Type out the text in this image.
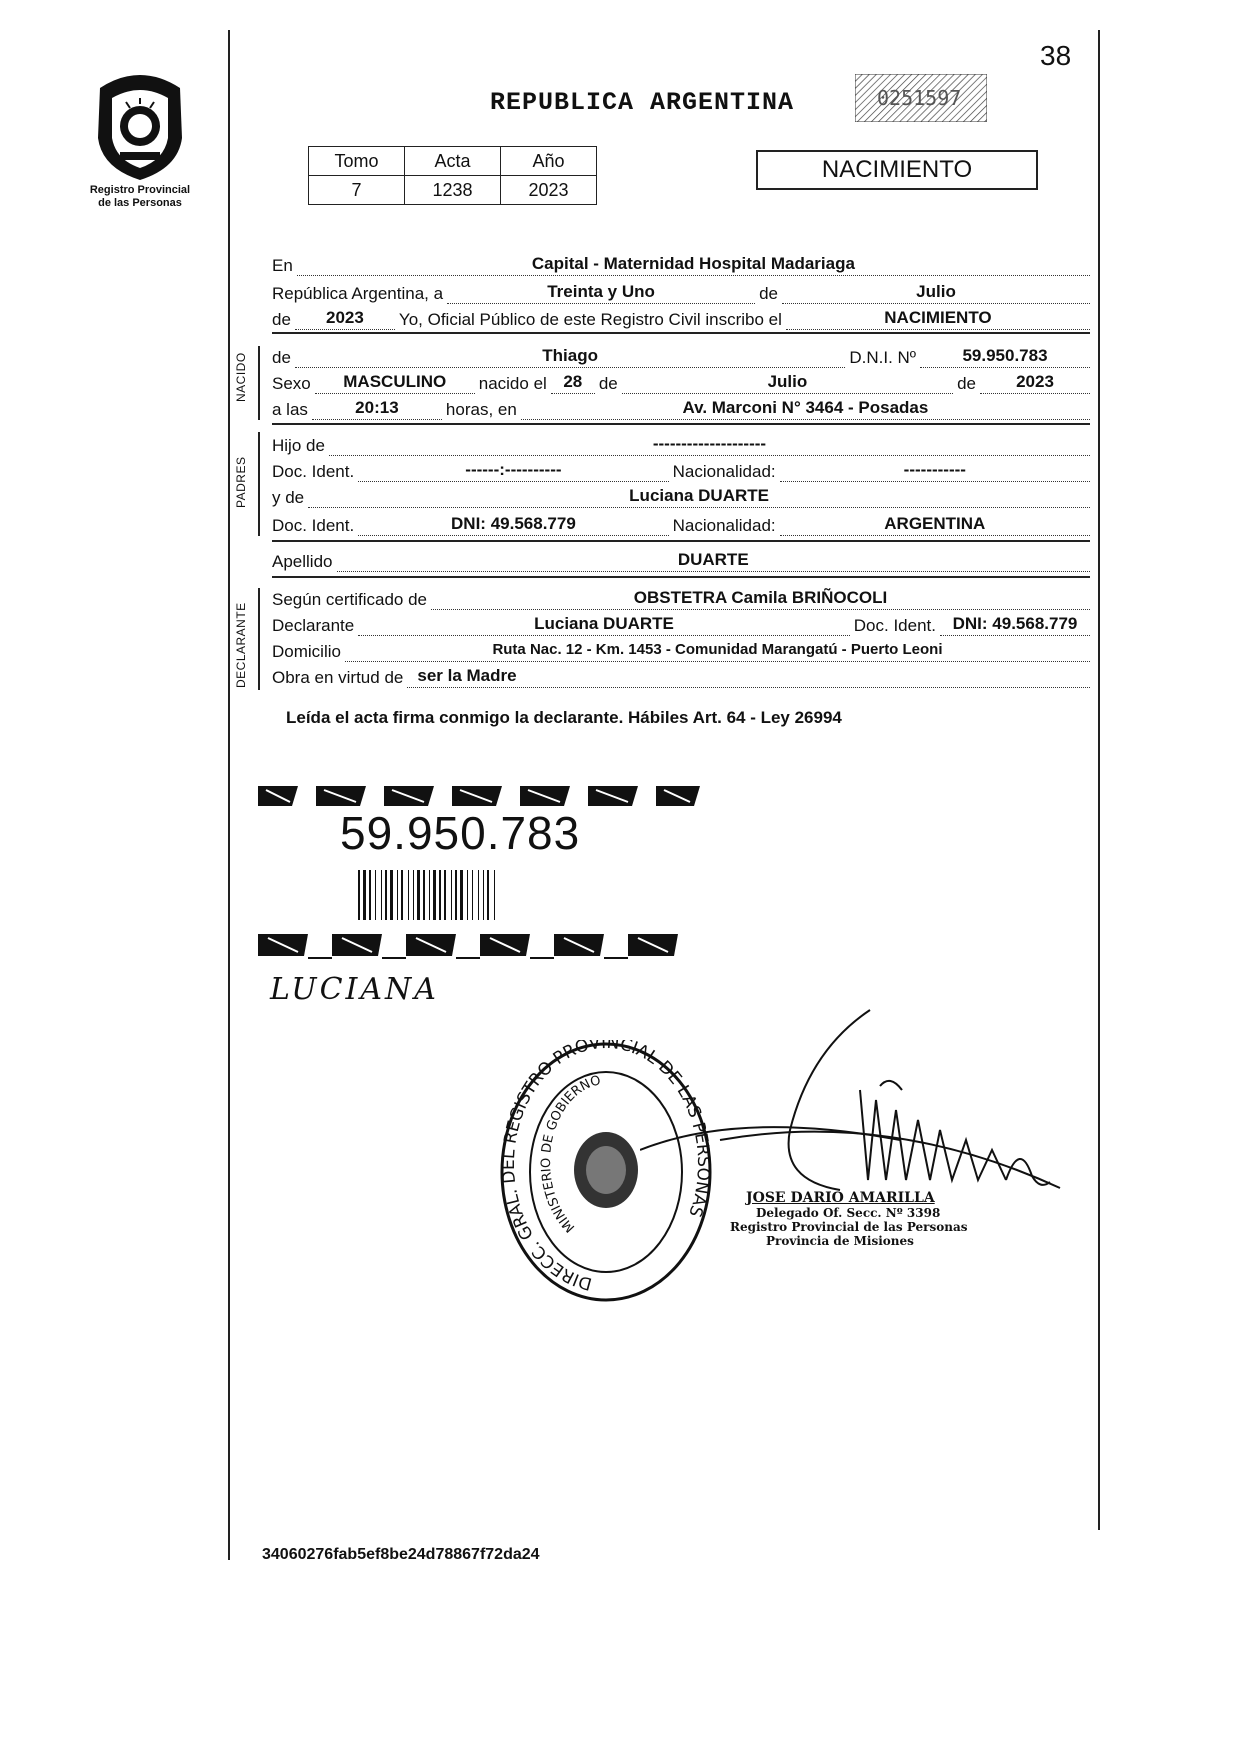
38
Registro Provincial
de las Personas
REPUBLICA ARGENTINA	0251597
Tomo	Acta	Año
7	1238	2023
NACIMIENTO
En	Capital - Maternidad Hospital Madariaga
República Argentina, a	Treinta y Uno	de	Julio
de	2023	Yo, Oficial Público de este Registro Civil inscribo el	NACIMIENTO
de	Thiago	D.N.I. Nº	59.950.783
Sexo	MASCULINO	nacido el 28 de	Julio	de	2023
a las	20:13	horas, en	Av. Marconi N° 3464 - Posadas
Hijo de	--------------------
Doc. Ident.	------:----------	Nacionalidad:	-----------
y de	Luciana DUARTE
Doc. Ident.	DNI: 49.568.779	Nacionalidad:	ARGENTINA
Apellido	DUARTE
Según certificado de	OBSTETRA Camila BRIÑOCOLI
Declarante	Luciana DUARTE	Doc. Ident. DNI: 49.568.779
Domicilio	Ruta Nac. 12 - Km. 1453 - Comunidad Marangatú - Puerto Leoni
Obra en virtud de ser la Madre
NACIDO
PADRES
DECLARANTE
Leída el acta firma conmigo la declarante. Hábiles Art. 64 - Ley 26994
59.950.783
LUCIANA
DIRECC. GRAL. DEL REGISTRO PROVINCIAL DE LAS PERSONAS
MINISTERIO DE GOBIERNO
JOSE DARIO AMARILLA
Delegado Of. Secc. Nº 3398
Registro Provincial de las Personas
Provincia de Misiones
34060276fab5ef8be24d78867f72da24
